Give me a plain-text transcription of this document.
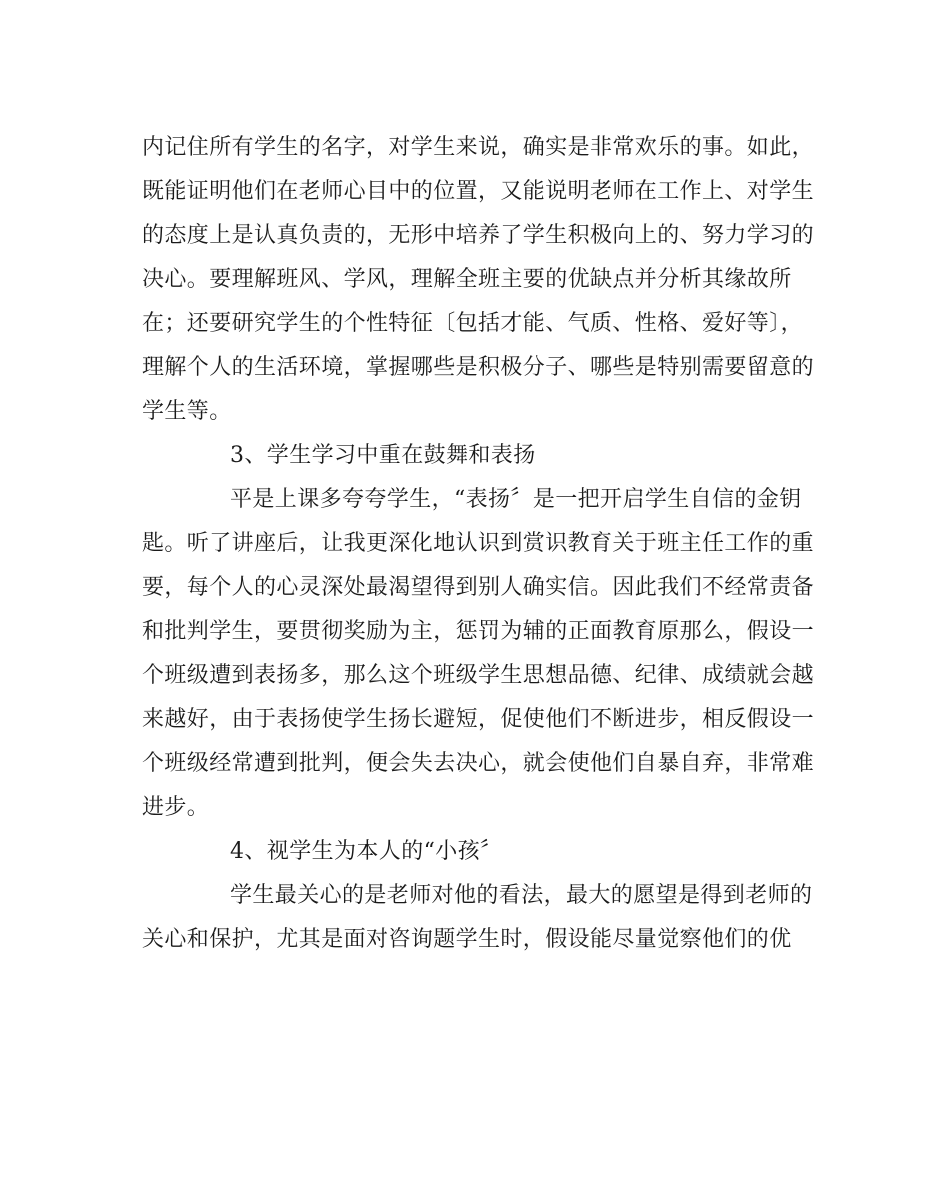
内记住所有学生的名字，对学生来说，确实是非常欢乐的事。如此，
既能证明他们在老师心目中的位置，又能说明老师在工作上、对学生
的态度上是认真负责的，无形中培养了学生积极向上的、努力学习的
决心。要理解班风、学风，理解全班主要的优缺点并分析其缘故所
在；还要研究学生的个性特征〔包括才能、气质、性格、爱好等〕，
理解个人的生活环境，掌握哪些是积极分子、哪些是特别需要留意的
学生等。
3、学生学习中重在鼓舞和表扬
平是上课多夸夸学生，“表扬〞是一把开启学生自信的金钥
匙。听了讲座后，让我更深化地认识到赏识教育关于班主任工作的重
要，每个人的心灵深处最渴望得到别人确实信。因此我们不经常责备
和批判学生，要贯彻奖励为主，惩罚为辅的正面教育原那么，假设一
个班级遭到表扬多，那么这个班级学生思想品德、纪律、成绩就会越
来越好，由于表扬使学生扬长避短，促使他们不断进步，相反假设一
个班级经常遭到批判，便会失去决心，就会使他们自暴自弃，非常难
进步。
4、视学生为本人的“小孩〞
学生最关心的是老师对他的看法，最大的愿望是得到老师的
关心和保护，尤其是面对咨询题学生时，假设能尽量觉察他们的优
